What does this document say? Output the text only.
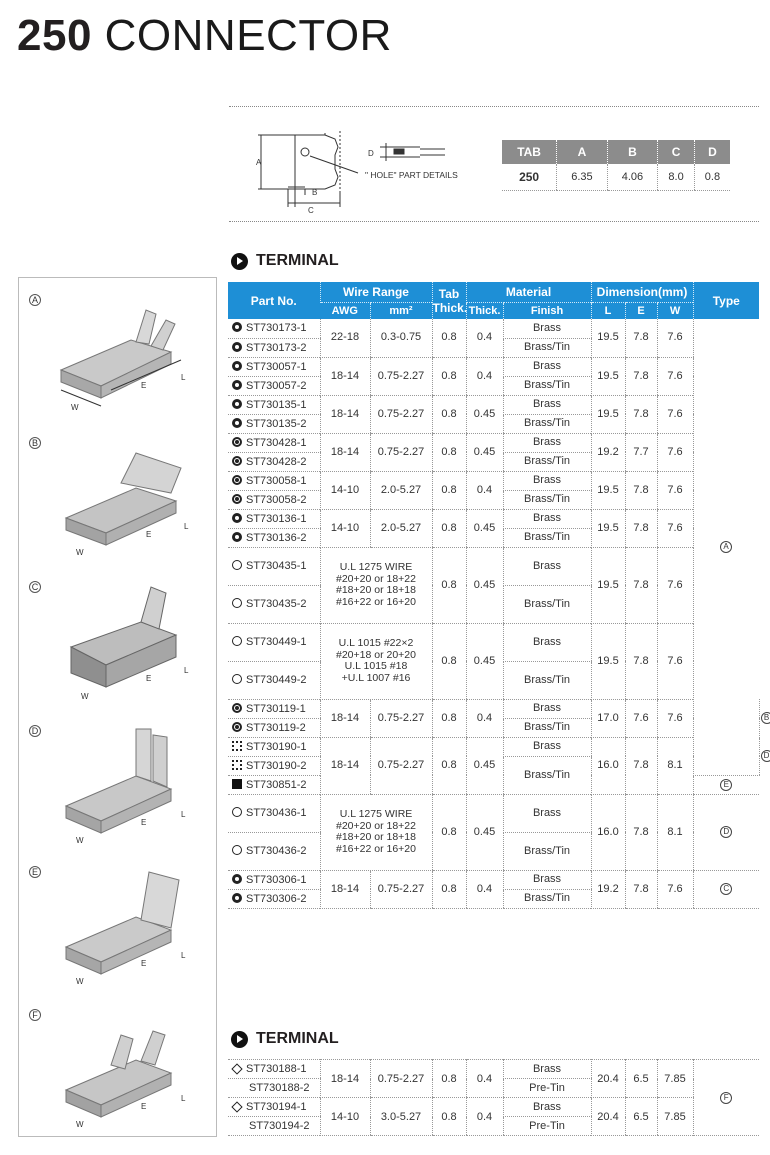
250 CONNECTOR
A
B
C
D
" HOLE" PART DETAILS
TAB	A	B	C	D
250	6.35	4.06	8.0	0.8
TERMINAL
A
W
E
L
B
W
E
L
C
W
E
L
D
W
E
L
E
W
E
L
F
W
E
L
Part No.	Wire Range		Tab Thick.	Material		Dimension(mm)			Type	
	AWG	mm²		Thick.	Finish	L	E	W		
ST730173-1	22-18	0.3-0.75	0.8	0.4	Brass	19.5	7.8	7.6	A	
ST730173-2					Brass/Tin					
ST730057-1	18-14	0.75-2.27	0.8	0.4	Brass	19.5	7.8	7.6		
ST730057-2					Brass/Tin					
ST730135-1	18-14	0.75-2.27	0.8	0.45	Brass	19.5	7.8	7.6		
ST730135-2					Brass/Tin					
ST730428-1	18-14	0.75-2.27	0.8	0.45	Brass	19.2	7.7	7.6		
ST730428-2					Brass/Tin					
ST730058-1	14-10	2.0-5.27	0.8	0.4	Brass	19.5	7.8	7.6		
ST730058-2					Brass/Tin					
ST730136-1	14-10	2.0-5.27	0.8	0.45	Brass	19.5	7.8	7.6		
ST730136-2					Brass/Tin					
ST730435-1	U.L 1275 WIRE
#20+20 or 18+22
#18+20 or 18+18
#16+22 or 16+20		0.8	0.45	Brass	19.5	7.8	7.6		
ST730435-2					Brass/Tin					
ST730449-1	U.L 1015 #22×2
#20+18 or 20+20
U.L 1015 #18
+U.L 1007 #16		0.8	0.45	Brass	19.5	7.8	7.6		
ST730449-2					Brass/Tin					
ST730119-1	18-14	0.75-2.27	0.8	0.4	Brass	17.0	7.6	7.6		B
ST730119-2					Brass/Tin					
ST730190-1	18-14	0.75-2.27	0.8	0.45	Brass	16.0	7.8	8.1		D
ST730190-2					Brass/Tin					
ST730851-2									E	
ST730436-1	U.L 1275 WIRE
#20+20 or 18+22
#18+20 or 18+18
#16+22 or 16+20		0.8	0.45	Brass	16.0	7.8	8.1	D	
ST730436-2					Brass/Tin					
ST730306-1	18-14	0.75-2.27	0.8	0.4	Brass	19.2	7.8	7.6	C	
ST730306-2					Brass/Tin					
TERMINAL
ST730188-1	18-14	0.75-2.27	0.8	0.4	Brass	20.4	6.5	7.85	F
ST730188-2					Pre-Tin				
ST730194-1	14-10	3.0-5.27	0.8	0.4	Brass	20.4	6.5	7.85	
ST730194-2					Pre-Tin				
